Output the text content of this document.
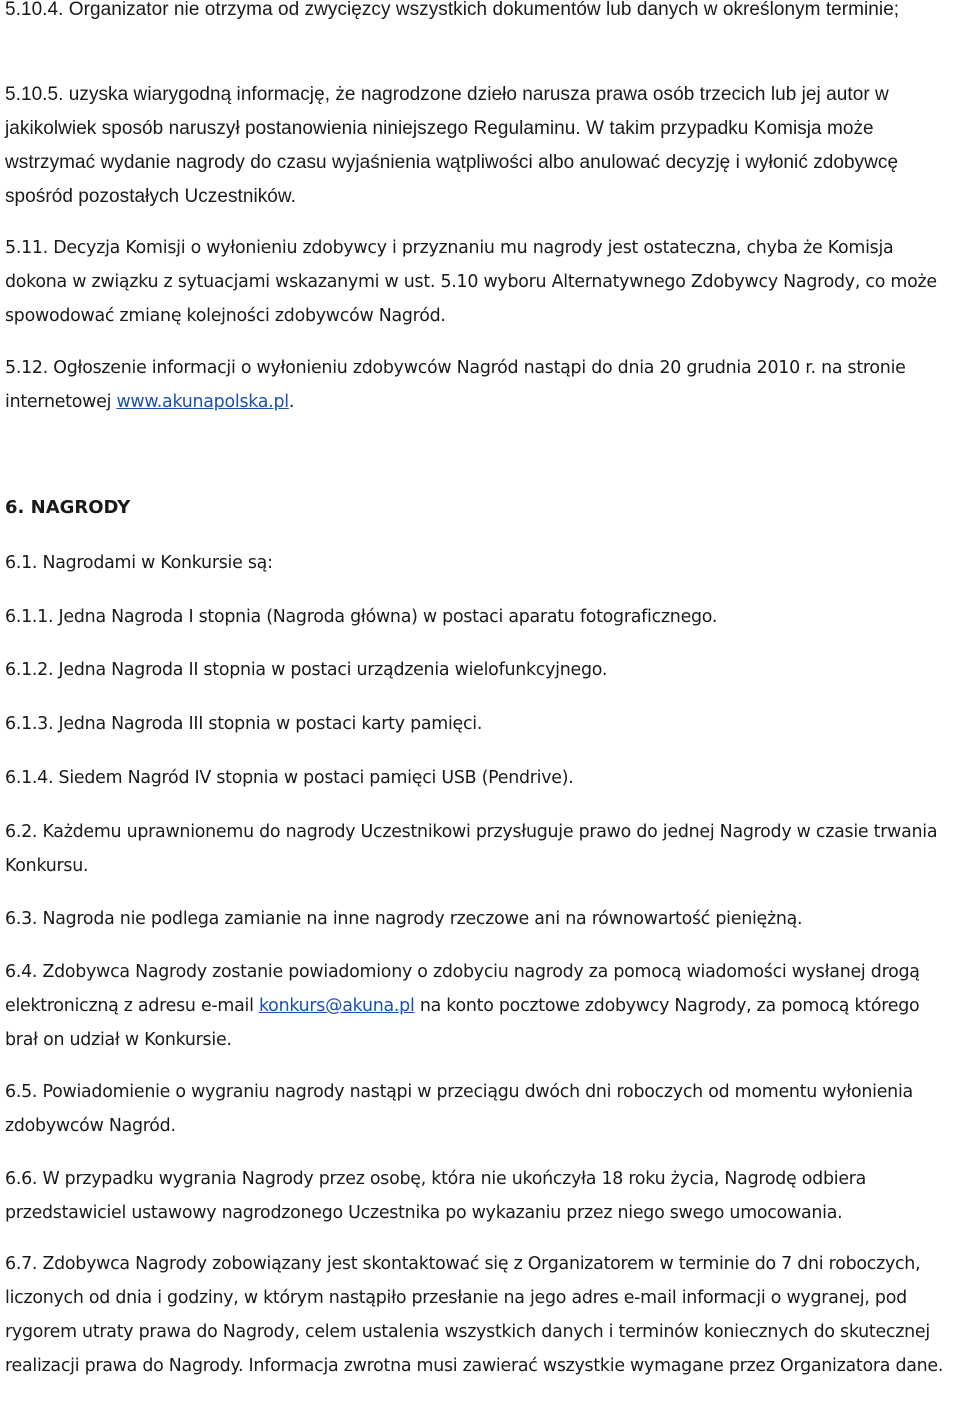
5.10.4. Organizator nie otrzyma od zwycięzcy wszystkich dokumentów lub danych w określonym terminie;

5.10.5. uzyska wiarygodną informację, że nagrodzone dzieło narusza prawa osób trzecich lub jej autor w jakikolwiek sposób naruszył postanowienia niniejszego Regulaminu. W takim przypadku Komisja może wstrzymać wydanie nagrody do czasu wyjaśnienia wątpliwości albo anulować decyzję i wyłonić zdobywcę spośród pozostałych Uczestników.

5.11. Decyzja Komisji o wyłonieniu zdobywcy i przyznaniu mu nagrody jest ostateczna, chyba że Komisja dokona w związku z sytuacjami wskazanymi w ust. 5.10 wyboru Alternatywnego Zdobywcy Nagrody, co może spowodować zmianę kolejności zdobywców Nagród.

5.12. Ogłoszenie informacji o wyłonieniu zdobywców Nagród nastąpi do dnia 20 grudnia 2010 r. na stronie internetowej www.akunapolska.pl.

6. NAGRODY

6.1. Nagrodami w Konkursie są:

6.1.1. Jedna Nagroda I stopnia (Nagroda główna) w postaci aparatu fotograficznego.

6.1.2. Jedna Nagroda II stopnia w postaci urządzenia wielofunkcyjnego.

6.1.3. Jedna Nagroda III stopnia w postaci karty pamięci.

6.1.4. Siedem Nagród IV stopnia w postaci pamięci USB (Pendrive).

6.2. Każdemu uprawnionemu do nagrody Uczestnikowi przysługuje prawo do jednej Nagrody w czasie trwania Konkursu.

6.3. Nagroda nie podlega zamianie na inne nagrody rzeczowe ani na równowartość pieniężną.

6.4. Zdobywca Nagrody zostanie powiadomiony o zdobyciu nagrody za pomocą wiadomości wysłanej drogą elektroniczną z adresu e-mail konkurs@akuna.pl na konto pocztowe zdobywcy Nagrody, za pomocą którego brał on udział w Konkursie.

6.5. Powiadomienie o wygraniu nagrody nastąpi w przeciągu dwóch dni roboczych od momentu wyłonienia zdobywców Nagród.

6.6. W przypadku wygrania Nagrody przez osobę, która nie ukończyła 18 roku życia, Nagrodę odbiera przedstawiciel ustawowy nagrodzonego Uczestnika po wykazaniu przez niego swego umocowania.

6.7. Zdobywca Nagrody zobowiązany jest skontaktować się z Organizatorem w terminie do 7 dni roboczych, liczonych od dnia i godziny, w którym nastąpiło przesłanie na jego adres e-mail informacji o wygranej, pod rygorem utraty prawa do Nagrody, celem ustalenia wszystkich danych i terminów koniecznych do skutecznej realizacji prawa do Nagrody. Informacja zwrotna musi zawierać wszystkie wymagane przez Organizatora dane.
